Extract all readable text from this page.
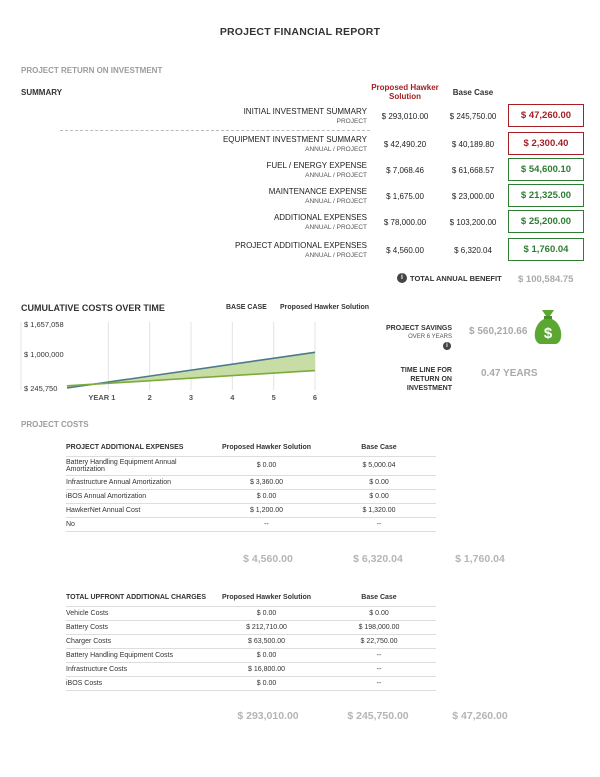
PROJECT FINANCIAL REPORT
PROJECT RETURN ON INVESTMENT
SUMMARY
Proposed Hawker Solution	Base Case
INITIAL INVESTMENT SUMMARY
PROJECT
$ 293,010.00	$ 245,750.00	$ 47,260.00
EQUIPMENT INVESTMENT SUMMARY
ANNUAL / PROJECT
$ 42,490.20	$ 40,189.80	$ 2,300.40
FUEL / ENERGY EXPENSE
ANNUAL / PROJECT
$ 7,068.46	$ 61,668.57	$ 54,600.10
MAINTENANCE EXPENSE
ANNUAL / PROJECT
$ 1,675.00	$ 23,000.00	$ 21,325.00
ADDITIONAL EXPENSES
ANNUAL / PROJECT
$ 78,000.00	$ 103,200.00	$ 25,200.00
PROJECT ADDITIONAL EXPENSES
ANNUAL / PROJECT
$ 4,560.00	$ 6,320.04	$ 1,760.04
i TOTAL ANNUAL BENEFIT $ 100,584.75
CUMULATIVE COSTS OVER TIME	BASE CASE Proposed Hawker Solution
$ 1,657,058
$ 1,000,000
$ 245,750
YEAR 1	2	3	4	5	6
PROJECT SAVINGS
OVER 6 YEARS
i
$ 560,210.66 $
TIME LINE FOR
RETURN ON
INVESTMENT
0.47 YEARS
PROJECT COSTS
PROJECT ADDITIONAL EXPENSES	Proposed Hawker Solution	Base Case
Battery Handling Equipment Annual Amortization	$ 0.00	$ 5,000.04
Infrastructure Annual Amortization	$ 3,360.00	$ 0.00
iBOS Annual Amortization	$ 0.00	$ 0.00
HawkerNet Annual Cost	$ 1,200.00	$ 1,320.00
No	--	--
$ 4,560.00	$ 6,320.04	$ 1,760.04
TOTAL UPFRONT ADDITIONAL CHARGES	Proposed Hawker Solution	Base Case
Vehicle Costs	$ 0.00	$ 0.00
Battery Costs	$ 212,710.00	$ 198,000.00
Charger Costs	$ 63,500.00	$ 22,750.00
Battery Handling Equipment Costs	$ 0.00	--
Infrastructure Costs	$ 16,800.00	--
iBOS Costs	$ 0.00	--
$ 293,010.00	$ 245,750.00	$ 47,260.00
